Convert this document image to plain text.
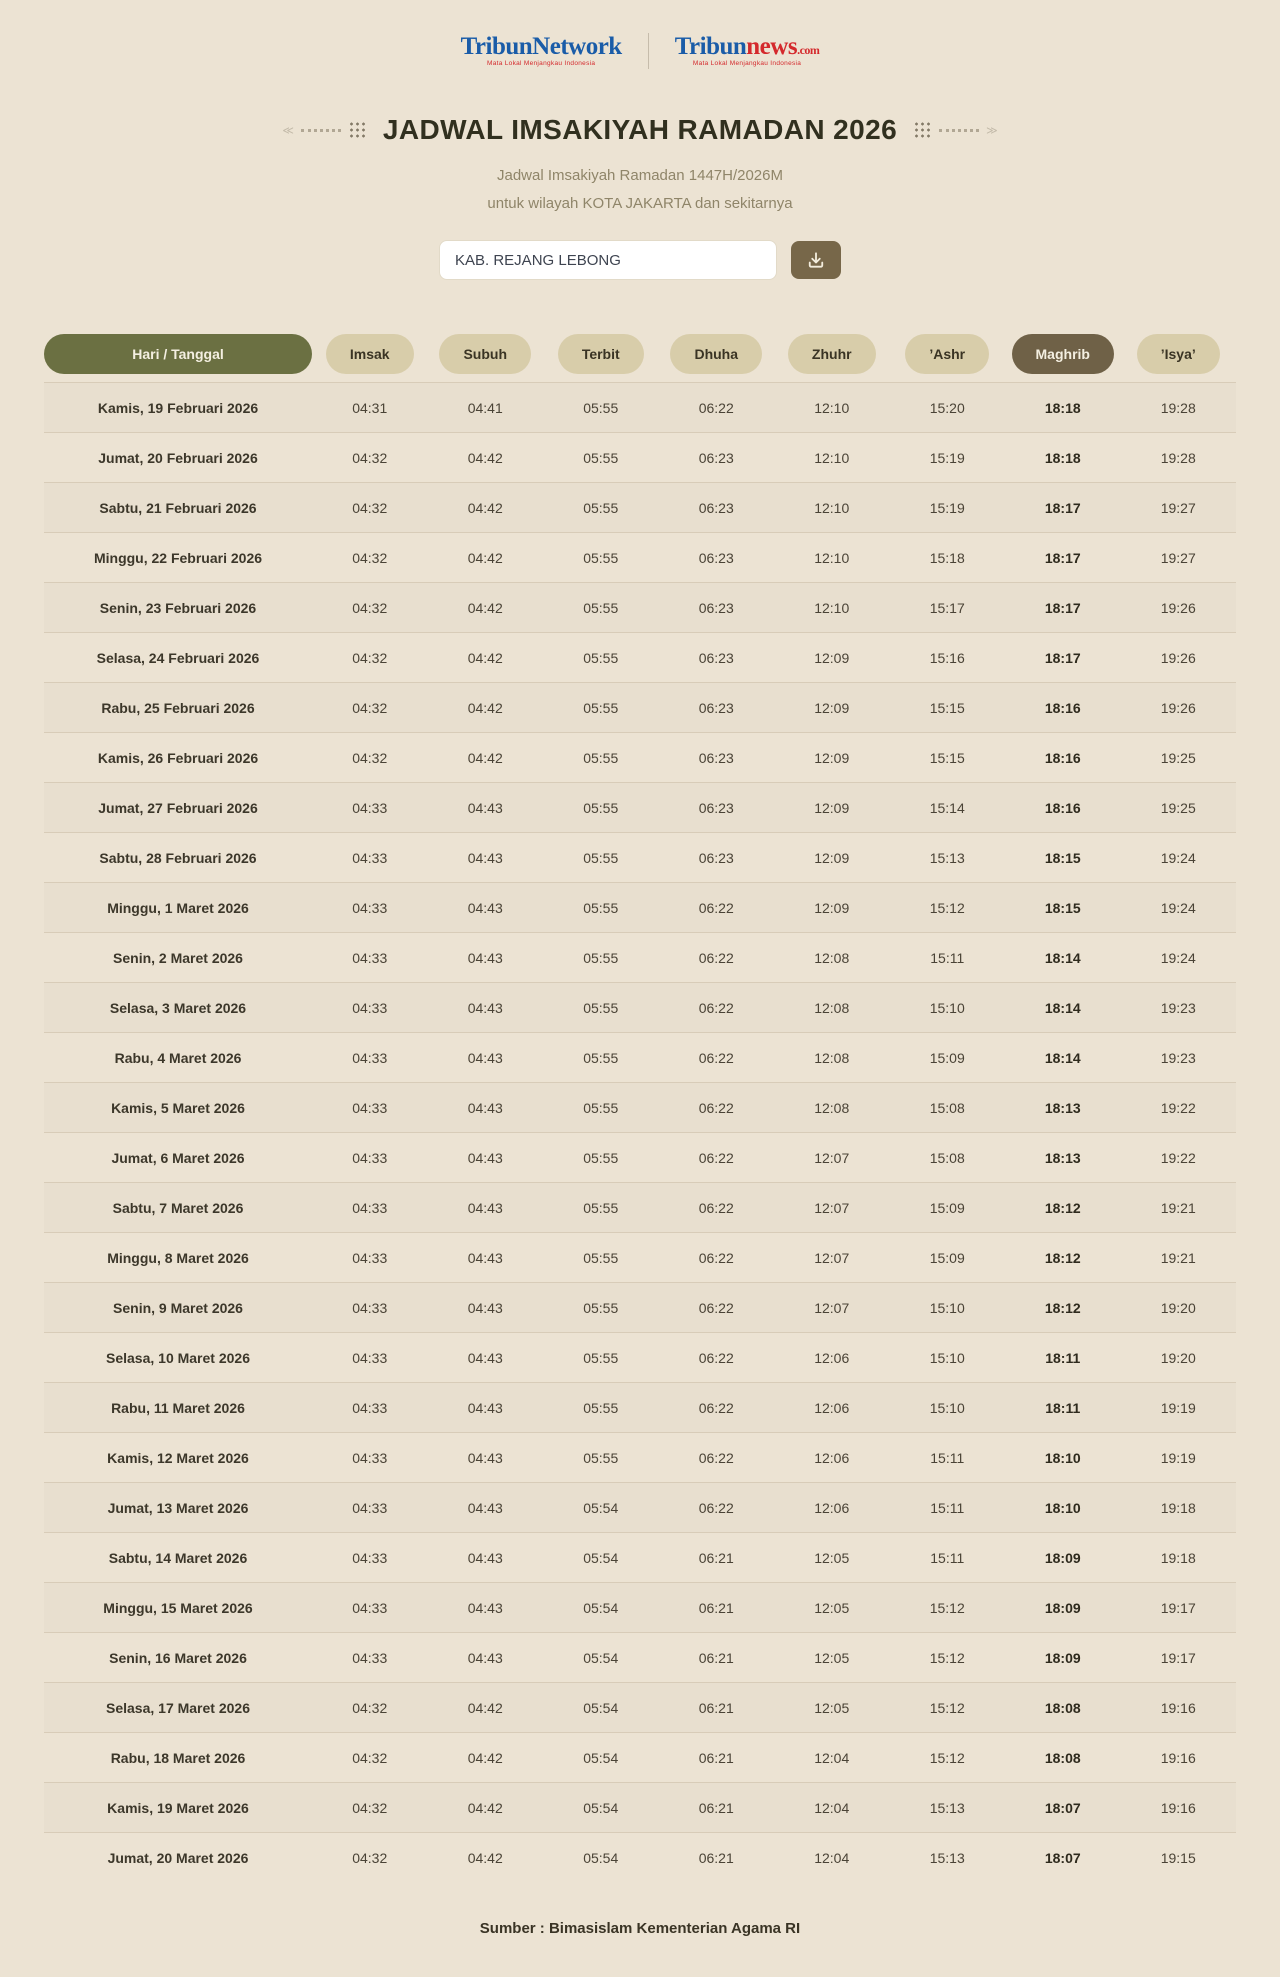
TribunNetwork
Mata Lokal Menjangkau Indonesia
Tribunnews.com
Mata Lokal Menjangkau Indonesia
≪	JADWAL IMSAKIYAH RAMADAN 2026	≫
Jadwal Imsakiyah Ramadan 1447H/2026M
untuk wilayah KOTA JAKARTA dan sekitarnya
KAB. REJANG LEBONG
Hari / Tanggal	Imsak	Subuh	Terbit	Dhuha	Zhuhr	’Ashr	Maghrib	’Isya’
Kamis, 19 Februari 2026	04:31	04:41	05:55	06:22	12:10	15:20	18:18	19:28
Jumat, 20 Februari 2026	04:32	04:42	05:55	06:23	12:10	15:19	18:18	19:28
Sabtu, 21 Februari 2026	04:32	04:42	05:55	06:23	12:10	15:19	18:17	19:27
Minggu, 22 Februari 2026	04:32	04:42	05:55	06:23	12:10	15:18	18:17	19:27
Senin, 23 Februari 2026	04:32	04:42	05:55	06:23	12:10	15:17	18:17	19:26
Selasa, 24 Februari 2026	04:32	04:42	05:55	06:23	12:09	15:16	18:17	19:26
Rabu, 25 Februari 2026	04:32	04:42	05:55	06:23	12:09	15:15	18:16	19:26
Kamis, 26 Februari 2026	04:32	04:42	05:55	06:23	12:09	15:15	18:16	19:25
Jumat, 27 Februari 2026	04:33	04:43	05:55	06:23	12:09	15:14	18:16	19:25
Sabtu, 28 Februari 2026	04:33	04:43	05:55	06:23	12:09	15:13	18:15	19:24
Minggu, 1 Maret 2026	04:33	04:43	05:55	06:22	12:09	15:12	18:15	19:24
Senin, 2 Maret 2026	04:33	04:43	05:55	06:22	12:08	15:11	18:14	19:24
Selasa, 3 Maret 2026	04:33	04:43	05:55	06:22	12:08	15:10	18:14	19:23
Rabu, 4 Maret 2026	04:33	04:43	05:55	06:22	12:08	15:09	18:14	19:23
Kamis, 5 Maret 2026	04:33	04:43	05:55	06:22	12:08	15:08	18:13	19:22
Jumat, 6 Maret 2026	04:33	04:43	05:55	06:22	12:07	15:08	18:13	19:22
Sabtu, 7 Maret 2026	04:33	04:43	05:55	06:22	12:07	15:09	18:12	19:21
Minggu, 8 Maret 2026	04:33	04:43	05:55	06:22	12:07	15:09	18:12	19:21
Senin, 9 Maret 2026	04:33	04:43	05:55	06:22	12:07	15:10	18:12	19:20
Selasa, 10 Maret 2026	04:33	04:43	05:55	06:22	12:06	15:10	18:11	19:20
Rabu, 11 Maret 2026	04:33	04:43	05:55	06:22	12:06	15:10	18:11	19:19
Kamis, 12 Maret 2026	04:33	04:43	05:55	06:22	12:06	15:11	18:10	19:19
Jumat, 13 Maret 2026	04:33	04:43	05:54	06:22	12:06	15:11	18:10	19:18
Sabtu, 14 Maret 2026	04:33	04:43	05:54	06:21	12:05	15:11	18:09	19:18
Minggu, 15 Maret 2026	04:33	04:43	05:54	06:21	12:05	15:12	18:09	19:17
Senin, 16 Maret 2026	04:33	04:43	05:54	06:21	12:05	15:12	18:09	19:17
Selasa, 17 Maret 2026	04:32	04:42	05:54	06:21	12:05	15:12	18:08	19:16
Rabu, 18 Maret 2026	04:32	04:42	05:54	06:21	12:04	15:12	18:08	19:16
Kamis, 19 Maret 2026	04:32	04:42	05:54	06:21	12:04	15:13	18:07	19:16
Jumat, 20 Maret 2026	04:32	04:42	05:54	06:21	12:04	15:13	18:07	19:15
Sumber : Bimasislam Kementerian Agama RI
